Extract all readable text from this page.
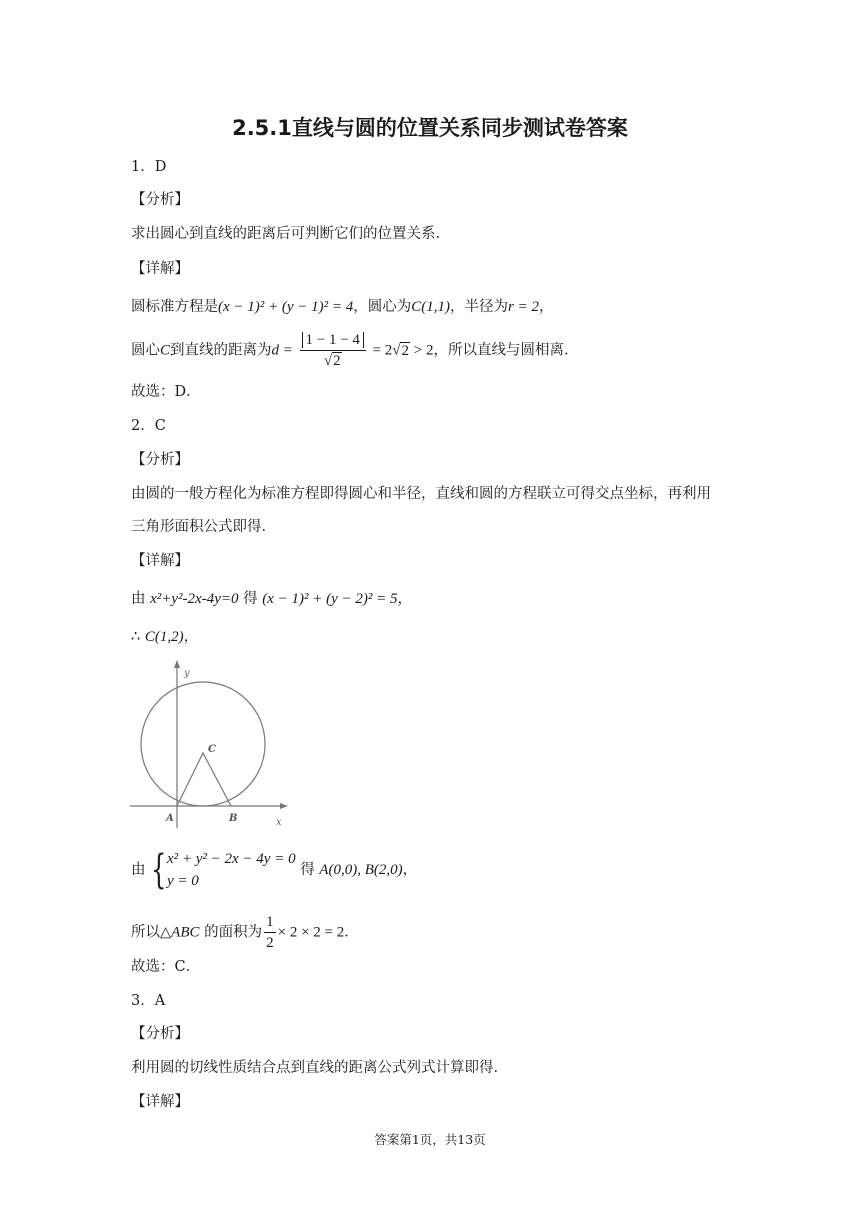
2.5.1直线与圆的位置关系同步测试卷答案
1．D
【分析】
求出圆心到直线的距离后可判断它们的位置关系．
【详解】
圆标准方程是(x − 1)² + (y − 1)² = 4，圆心为C(1,1)，半径为r = 2，
圆心C到直线的距离为$d = \frac{1 - 1 - 4}{√2} = 2√2 > 2$，所以直线与圆相离．
故选：D．
2．C
【分析】
由圆的一般方程化为标准方程即得圆心和半径，直线和圆的方程联立可得交点坐标，再利用
三角形面积公式即得．
【详解】
由 x²+y²-2x-4y=0 得 (x − 1)² + (y − 2)² = 5，
∴ C(1,2)，
y
x
A	B
C
由 { x² + y² − 2x − 4y = 0
y = 0
得 A(0,0), B(2,0)，
所以△ABC 的面积为 $\frac{1}{2} \times 2 \times 2 = 2$．
故选：C．
3．A
【分析】
利用圆的切线性质结合点到直线的距离公式列式计算即得．
【详解】
答案第1页，共13页
